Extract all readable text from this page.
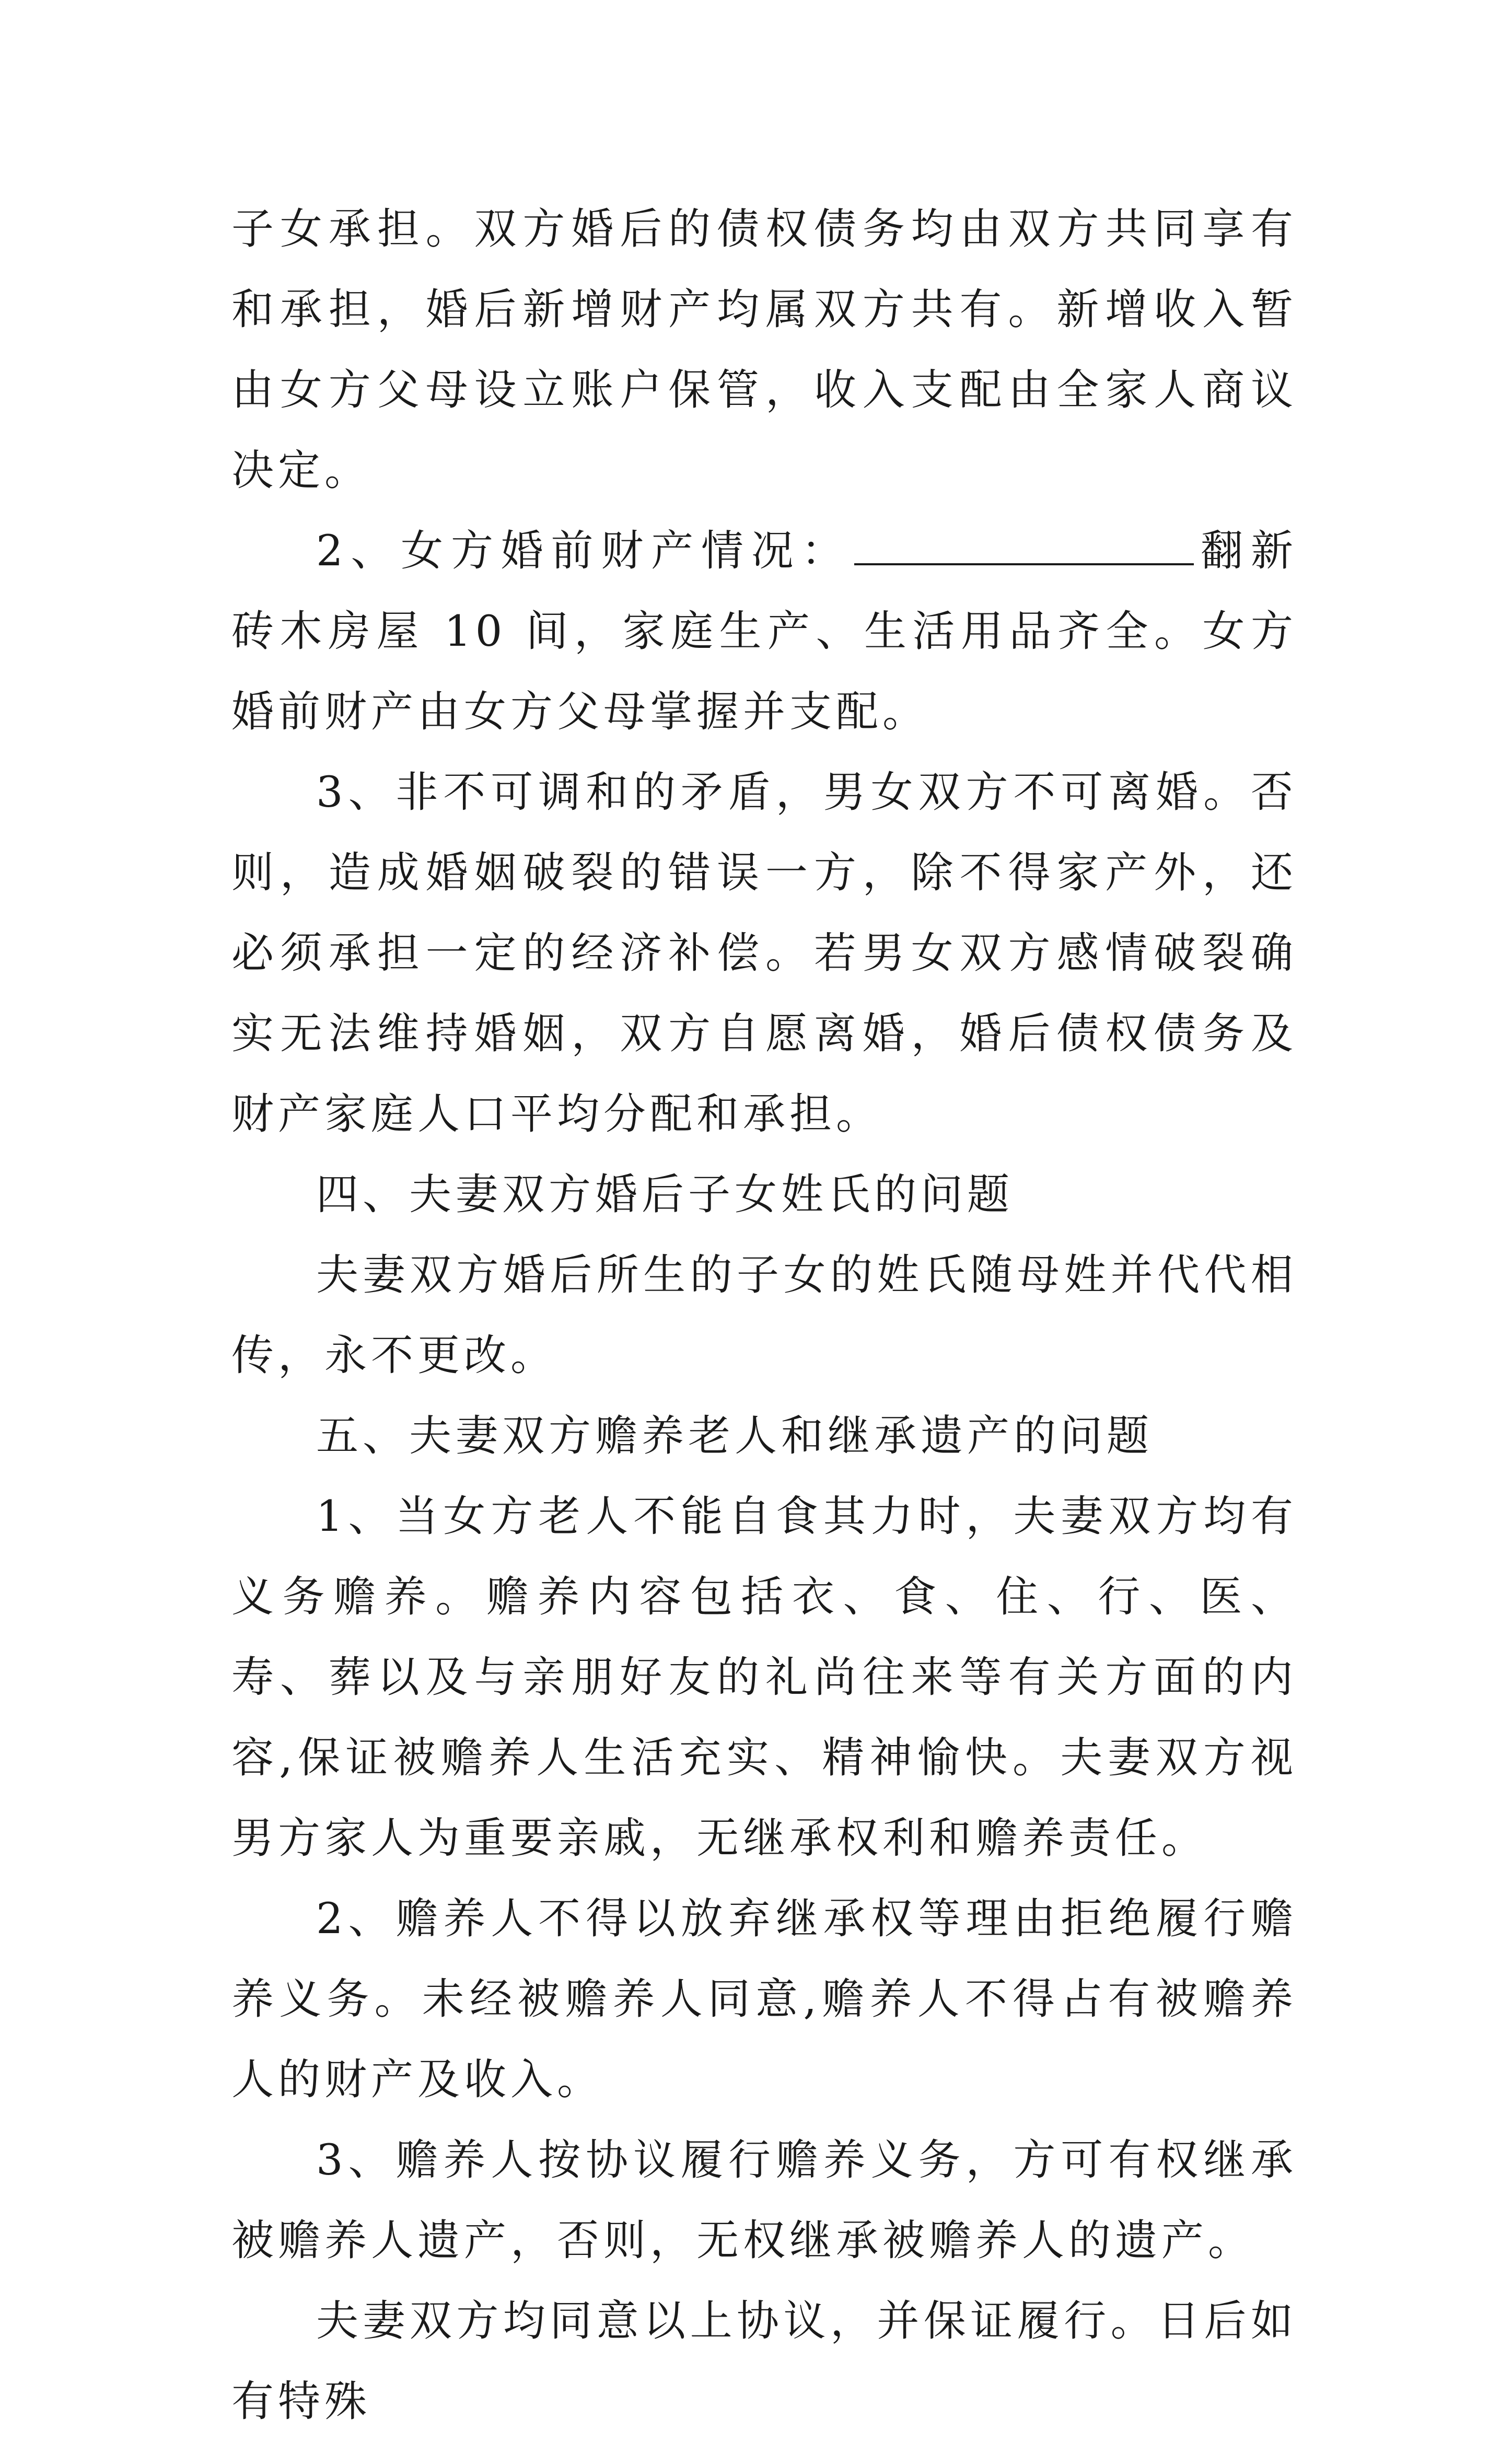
子女承担。双方婚后的债权债务均由双方共同享有和承担，婚后新增财产均属双方共有。新增收入暂由女方父母设立账户保管，收入支配由全家人商议决定。

2、女方婚前财产情况：	翻新砖木房屋 10 间，家庭生产、生活用品齐全。女方婚前财产由女方父母掌握并支配。

3、非不可调和的矛盾，男女双方不可离婚。否则，造成婚姻破裂的错误一方，除不得家产外，还必须承担一定的经济补偿。若男女双方感情破裂确实无法维持婚姻，双方自愿离婚，婚后债权债务及财产家庭人口平均分配和承担。

四、夫妻双方婚后子女姓氏的问题

夫妻双方婚后所生的子女的姓氏随母姓并代代相传，永不更改。

五、夫妻双方赡养老人和继承遗产的问题

1、当女方老人不能自食其力时，夫妻双方均有义务赡养。赡养内容包括衣、食、住、行、医、寿、葬以及与亲朋好友的礼尚往来等有关方面的内容,保证被赡养人生活充实、精神愉快。夫妻双方视男方家人为重要亲戚，无继承权利和赡养责任。

2、赡养人不得以放弃继承权等理由拒绝履行赡养义务。未经被赡养人同意,赡养人不得占有被赡养人的财产及收入。

3、赡养人按协议履行赡养义务，方可有权继承被赡养人遗产，否则，无权继承被赡养人的遗产。

夫妻双方均同意以上协议，并保证履行。日后如有特殊
